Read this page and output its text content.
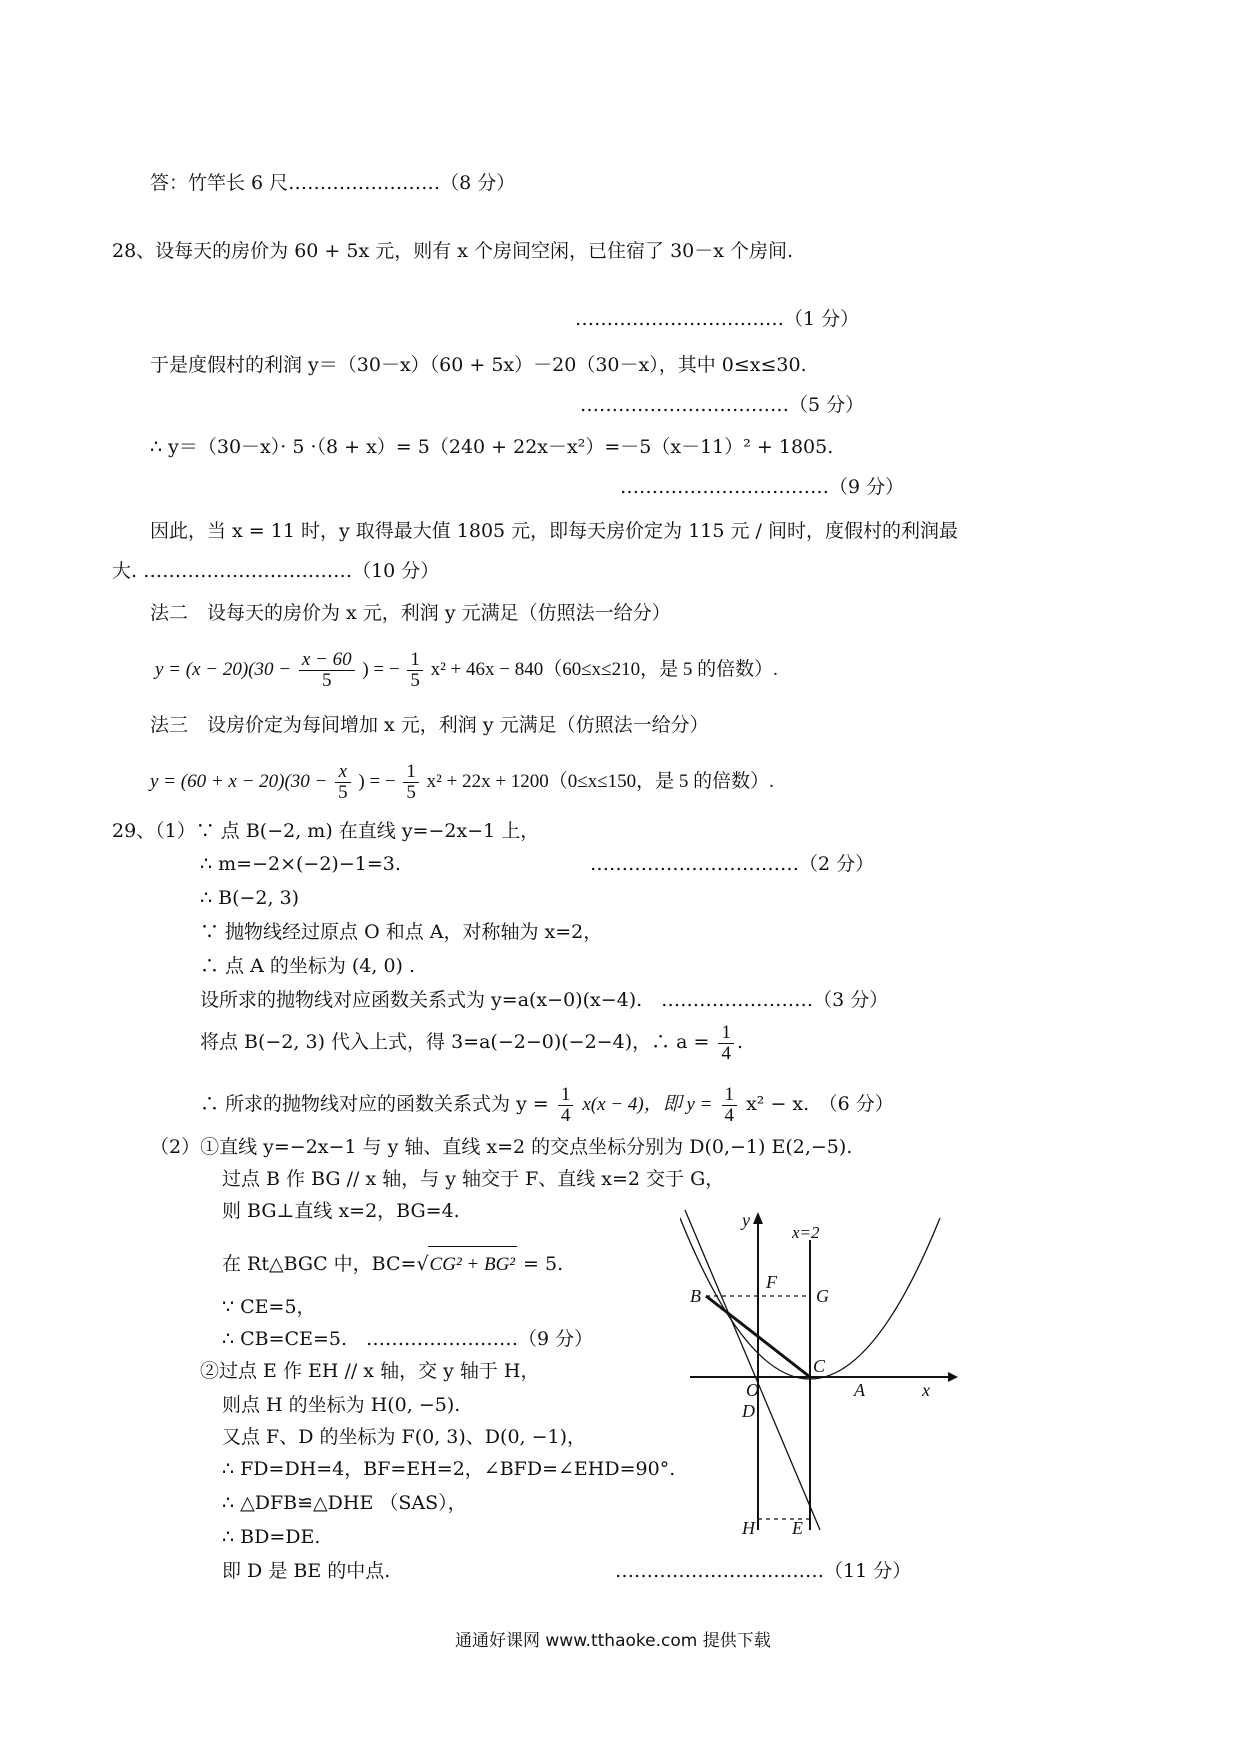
答：竹竿长 6 尺……………………（8 分）
28、设每天的房价为 60 + 5x 元，则有 x 个房间空闲，已住宿了 30－x 个房间.
……………………………（1 分）
于是度假村的利润 y＝（30－x）（60 + 5x）－20（30－x），其中 0≤x≤30.
……………………………（5 分）
∴ y＝（30－x）· 5 ·（8 + x）= 5（240 + 22x－x²）=－5（x－11）² + 1805.
……………………………（9 分）
因此，当 x = 11 时，y 取得最大值 1805 元，即每天房价定为 115 元 / 间时，度假村的利润最
大. ……………………………（10 分）
法二　设每天的房价为 x 元，利润 y 元满足（仿照法一给分）
$y = (x - 20)(30 - \frac{x - 60}{5}$ ) = − $\frac{1}{5} x^2 + 46x - 840(60\le x\le 210$，是 5 的倍数）.
法三　设房价定为每间增加 x 元，利润 y 元满足（仿照法一给分）
$y = (60 + x - 20)(30 - \frac{x}{5}$ ) = − $\frac{1}{5} x^2 + 22x + 1200(0\le x\le 150$，是 5 的倍数）.
29、（1）∵ 点 B(−2, m) 在直线 y=−2x−1 上，
∴ m=−2×(−2)−1=3.	……………………………（2 分）
∴ B(−2, 3)
∵ 抛物线经过原点 O 和点 A，对称轴为 x=2，
∴ 点 A 的坐标为 (4, 0) .
设所求的抛物线对应函数关系式为 y=a(x−0)(x−4).　……………………（3 分）
将点 B(−2, 3) 代入上式，得 3=a(−2−0)(−2−4)，∴ $a = \frac{1}{4}$ .
∴ 所求的抛物线对应的函数关系式为 $y = \frac{1}{4} x(x - 4)$，即 $y = \frac{1}{4} x^2 - x$.　（6 分）
（2）①直线 y=−2x−1 与 y 轴、直线 x=2 的交点坐标分别为 D(0,−1) E(2,−5).
过点 B 作 BG // x 轴，与 y 轴交于 F、直线 x=2 交于 G，
则 BG⊥直线 x=2，BG=4.
在 Rt△BGC 中，BC=√CG² + BG² = 5.
∵ CE=5，
∴ CB=CE=5.　……………………（9 分）
②过点 E 作 EH // x 轴，交 y 轴于 H，
则点 H 的坐标为 H(0, −5).
又点 F、D 的坐标为 F(0, 3)、D(0, −1)，
∴ FD=DH=4，BF=EH=2，∠BFD=∠EHD=90°.
∴ △DFB≌△DHE （SAS），
∴ BD=DE.
即 D 是 BE 的中点.	……………………………（11 分）
y
x=2
F
G
B
C
O	A	x
D
H E
通通好课网 www.tthaoke.com 提供下载
